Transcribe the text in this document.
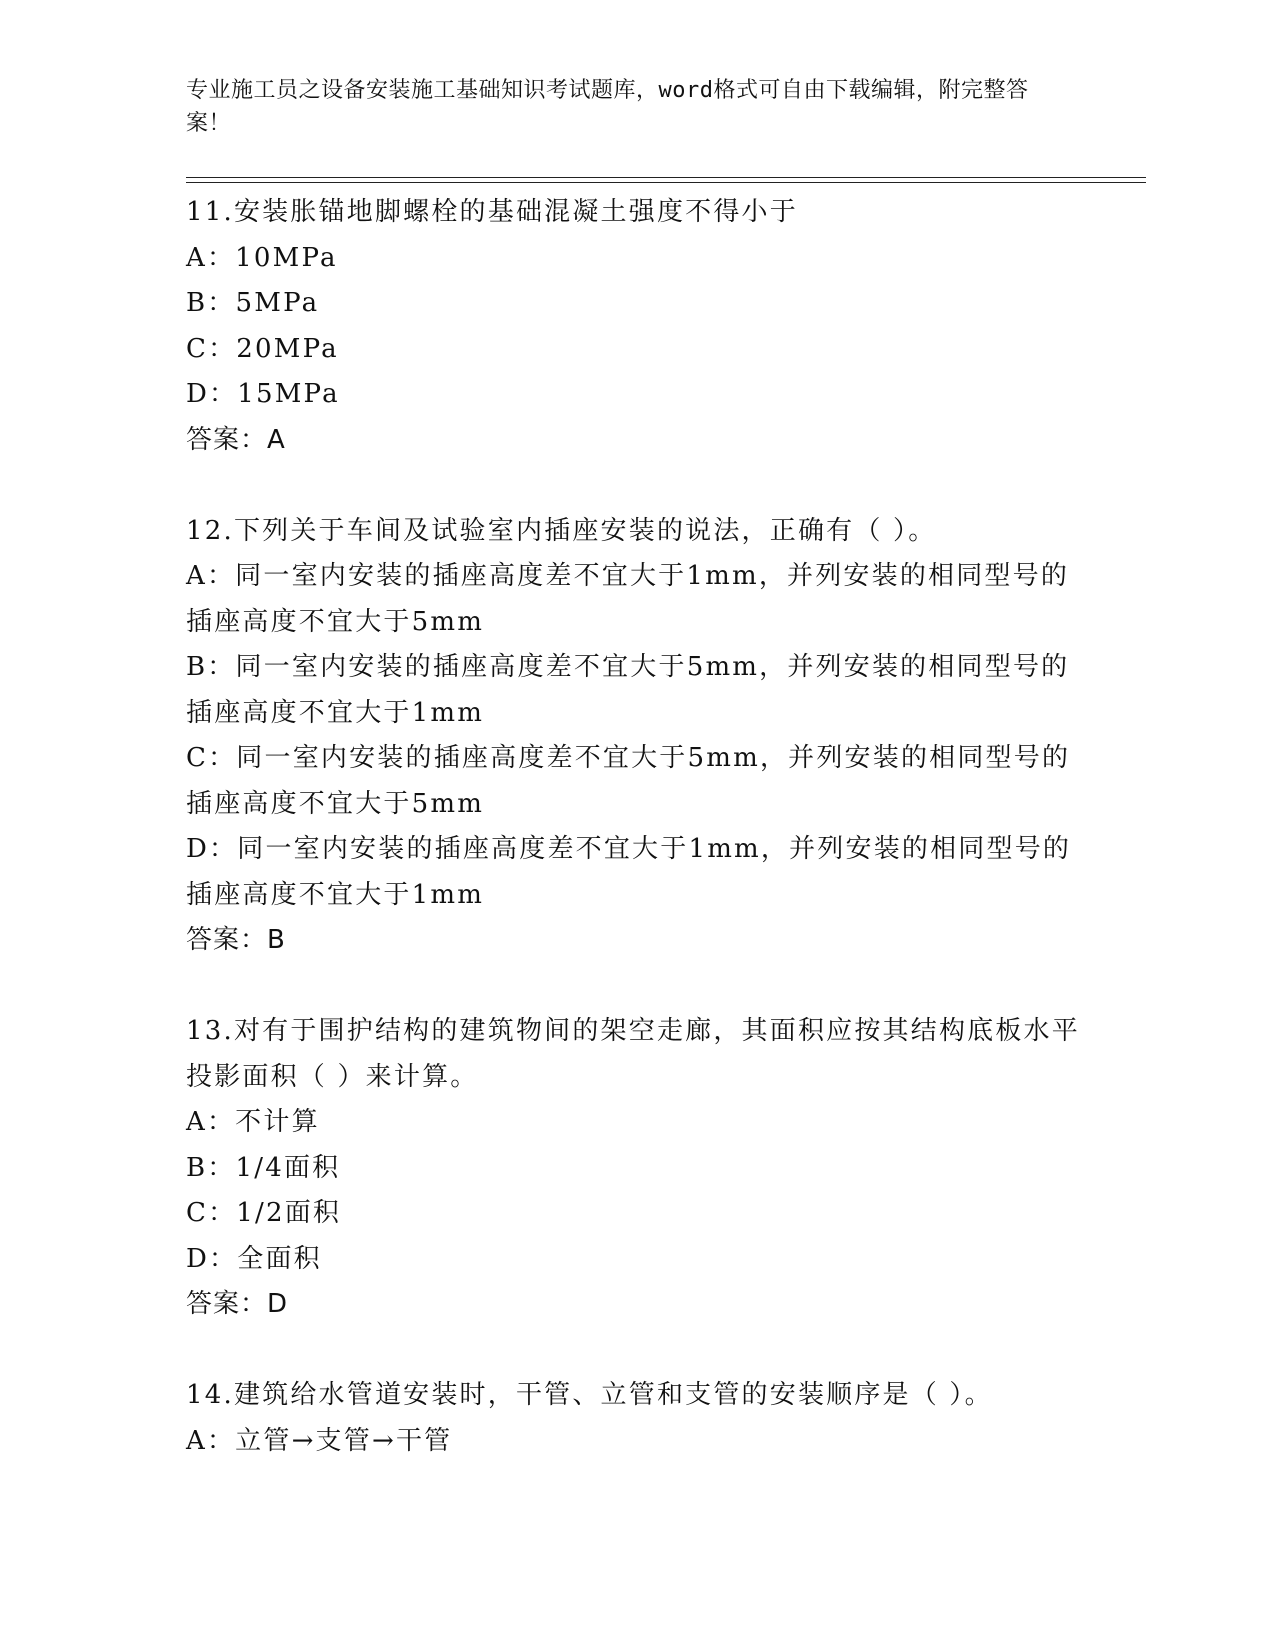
专业施工员之设备安装施工基础知识考试题库，word格式可自由下载编辑，附完整答案！

11.安装胀锚地脚螺栓的基础混凝土强度不得小于

A：10MPa

B：5MPa

C：20MPa

D：15MPa

答案：A

12.下列关于车间及试验室内插座安装的说法，正确有（ ）。

A：同一室内安装的插座高度差不宜大于1mm，并列安装的相同型号的插座高度不宜大于5mm

B：同一室内安装的插座高度差不宜大于5mm，并列安装的相同型号的插座高度不宜大于1mm

C：同一室内安装的插座高度差不宜大于5mm，并列安装的相同型号的插座高度不宜大于5mm

D：同一室内安装的插座高度差不宜大于1mm，并列安装的相同型号的插座高度不宜大于1mm

答案：B

13.对有于围护结构的建筑物间的架空走廊，其面积应按其结构底板水平投影面积（ ）来计算。

A：不计算

B：1/4面积

C：1/2面积

D：全面积

答案：D

14.建筑给水管道安装时，干管、立管和支管的安装顺序是（ ）。

A：立管→支管→干管
